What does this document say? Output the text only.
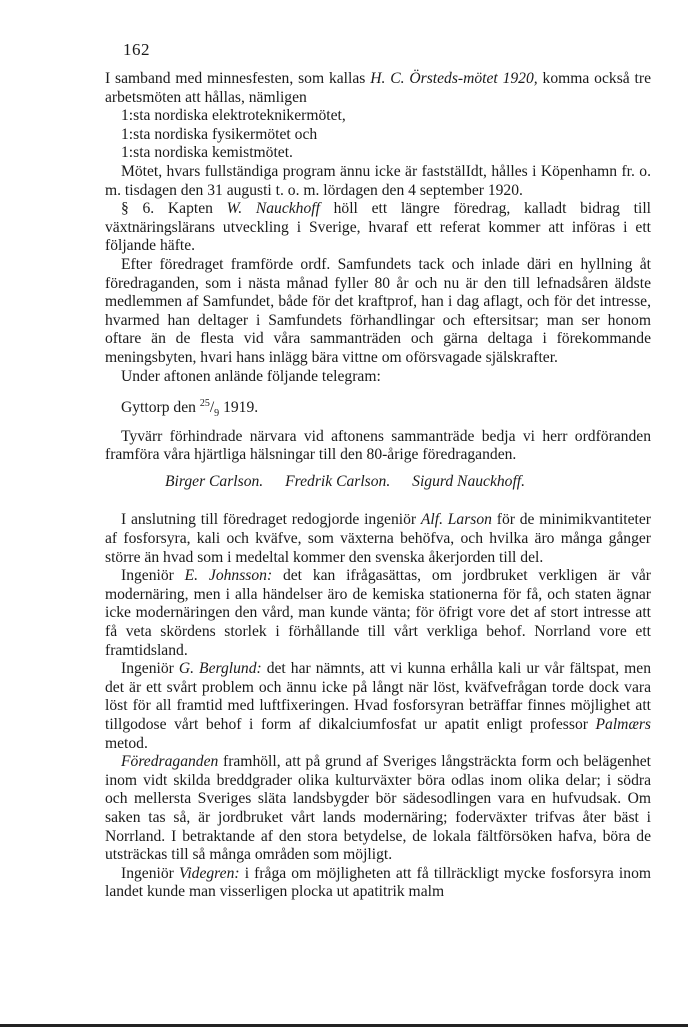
162

I samband med minnesfesten, som kallas H. C. Örsteds-mötet 1920, komma också tre arbetsmöten att hållas, nämligen

1:sta nordiska elektroteknikermötet,

1:sta nordiska fysikermötet och

1:sta nordiska kemistmötet.

Mötet, hvars fullständiga program ännu icke är faststälIdt, hålles i Köpenhamn fr. o. m. tisdagen den 31 augusti t. o. m. lördagen den 4 september 1920.

§ 6. Kapten W. Nauckhoff höll ett längre föredrag, kalladt bidrag till växtnäringslärans utveckling i Sverige, hvaraf ett referat kommer att införas i ett följande häfte.

Efter föredraget framförde ordf. Samfundets tack och inlade däri en hyllning åt föredraganden, som i nästa månad fyller 80 år och nu är den till lefnadsåren äldste medlemmen af Samfundet, både för det kraftprof, han i dag aflagt, och för det intresse, hvarmed han deltager i Samfundets förhandlingar och eftersitsar; man ser honom oftare än de flesta vid våra sammanträden och gärna deltaga i förekommande meningsbyten, hvari hans inlägg bära vittne om oförsvagade själskrafter.

Under aftonen anlände följande telegram:

Gyttorp den $^{25}/_9$ 1919.

Tyvärr förhindrade närvara vid aftonens sammanträde bedja vi herr ordföranden framföra våra hjärtliga hälsningar till den 80-årige föredraganden.

Birger Carlson. Fredrik Carlson. Sigurd Nauckhoff.

I anslutning till föredraget redogjorde ingeniör Alf. Larson för de minimikvantiteter af fosforsyra, kali och kväfve, som växterna behöfva, och hvilka äro många gånger större än hvad som i medeltal kommer den svenska åkerjorden till del.

Ingeniör E. Johnsson: det kan ifrågasättas, om jordbruket verkligen är vår modernäring, men i alla händelser äro de kemiska stationerna för få, och staten ägnar icke modernäringen den vård, man kunde vänta; för öfrigt vore det af stort intresse att få veta skördens storlek i förhållande till vårt verkliga behof. Norrland vore ett framtidsland.

Ingeniör G. Berglund: det har nämnts, att vi kunna erhålla kali ur vår fältspat, men det är ett svårt problem och ännu icke på långt när löst, kväfvefrågan torde dock vara löst för all framtid med luftfixeringen. Hvad fosforsyran beträffar finnes möjlighet att tillgodose vårt behof i form af dikalciumfosfat ur apatit enligt professor Palmærs metod.

Föredraganden framhöll, att på grund af Sveriges långsträckta form och belägenhet inom vidt skilda breddgrader olika kulturväxter böra odlas inom olika delar; i södra och mellersta Sveriges släta landsbygder bör sädesodlingen vara en hufvudsak. Om saken tas så, är jordbruket vårt lands modernäring; foderväxter trifvas åter bäst i Norrland. I betraktande af den stora betydelse, de lokala fältförsöken hafva, böra de utsträckas till så många områden som möjligt.

Ingeniör Videgren: i fråga om möjligheten att få tillräckligt mycke fosforsyra inom landet kunde man visserligen plocka ut apatitrik malm
